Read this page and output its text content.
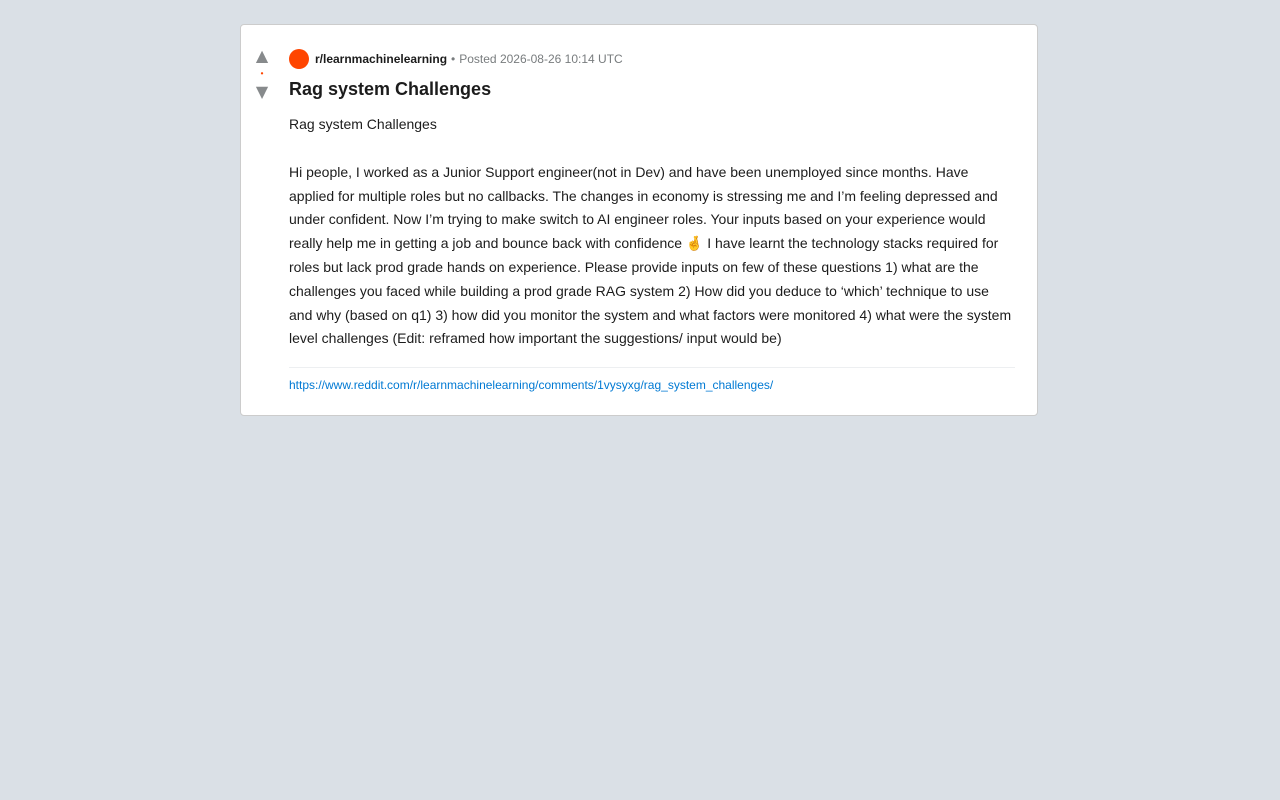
▲
•
▼
r/learnmachinelearning • Posted 2026-08-26 10:14 UTC
Rag system Challenges

Rag system Challenges

Hi people, I worked as a Junior Support engineer(not in Dev) and have been unemployed since months. Have applied for multiple roles but no callbacks. The changes in economy is stressing me and I’m feeling depressed and under confident. Now I’m trying to make switch to AI engineer roles. Your inputs based on your experience would really help me in getting a job and bounce back with confidence 🤞 I have learnt the technology stacks required for roles but lack prod grade hands on experience. Please provide inputs on few of these questions 1) what are the challenges you faced while building a prod grade RAG system 2) How did you deduce to ‘which’ technique to use and why (based on q1) 3) how did you monitor the system and what factors were monitored 4) what were the system level challenges (Edit: reframed how important the suggestions/ input would be)

https://www.reddit.com/r/learnmachinelearning/comments/1vysyxg/rag_system_challenges/
